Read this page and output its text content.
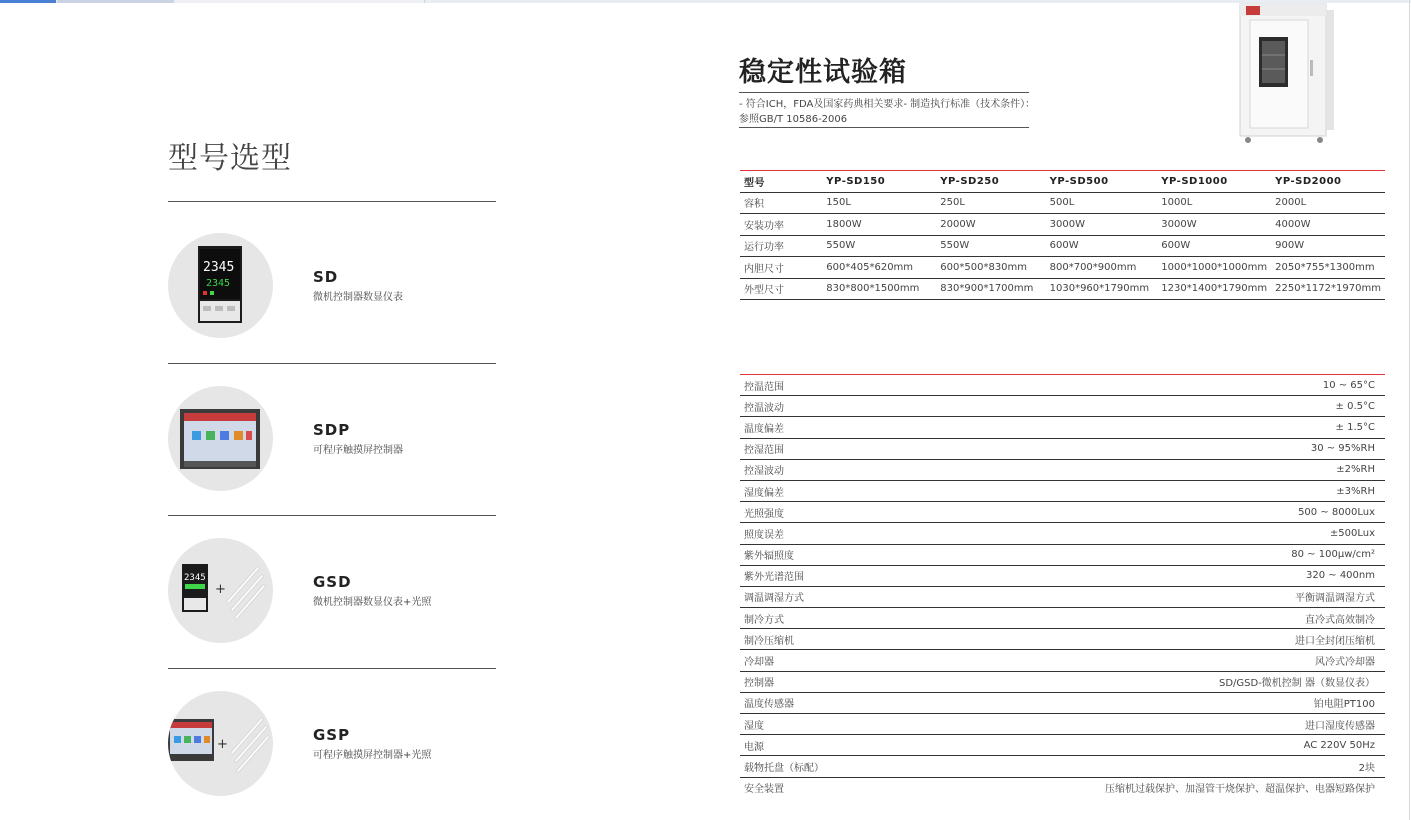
型号选型
2345
2345	SD
微机控制器数显仪表
SDP
可程序触摸屏控制器
2345
+	GSD
微机控制器数显仪表+光照
+
GSP
可程序触摸屏控制器+光照
稳定性试验箱
- 符合ICH，FDA及国家药典相关要求- 制造执行标准（技术条件）：参照GB/T 10586-2006
型号	YP-SD150	YP-SD250	YP-SD500	YP-SD1000	YP-SD2000
容积	150L	250L	500L	1000L	2000L
安装功率	1800W	2000W	3000W	3000W	4000W
运行功率	550W	550W	600W	600W	900W
内胆尺寸	600*405*620mm	600*500*830mm	800*700*900mm	1000*1000*1000mm	2050*755*1300mm
外型尺寸	830*800*1500mm	830*900*1700mm	1030*960*1790mm	1230*1400*1790mm	2250*1172*1970mm
控温范围	10 ~ 65°C
控温波动	± 0.5°C
温度偏差	± 1.5°C
控湿范围	30 ~ 95%RH
控湿波动	±2%RH
湿度偏差	±3%RH
光照强度	500 ~ 8000Lux
照度误差	±500Lux
紫外辐照度	80 ~ 100μw/cm²
紫外光谱范围	320 ~ 400nm
调温调湿方式	平衡调温调湿方式
制冷方式	直冷式高效制冷
制冷压缩机	进口全封闭压缩机
冷却器	风冷式冷却器
控制器	SD/GSD-微机控制 器（数显仪表）
温度传感器	铂电阻PT100
湿度	进口湿度传感器
电源	AC 220V 50Hz
载物托盘（标配）	2块
安全装置	压缩机过载保护、加湿管干烧保护、超温保护、电器短路保护
